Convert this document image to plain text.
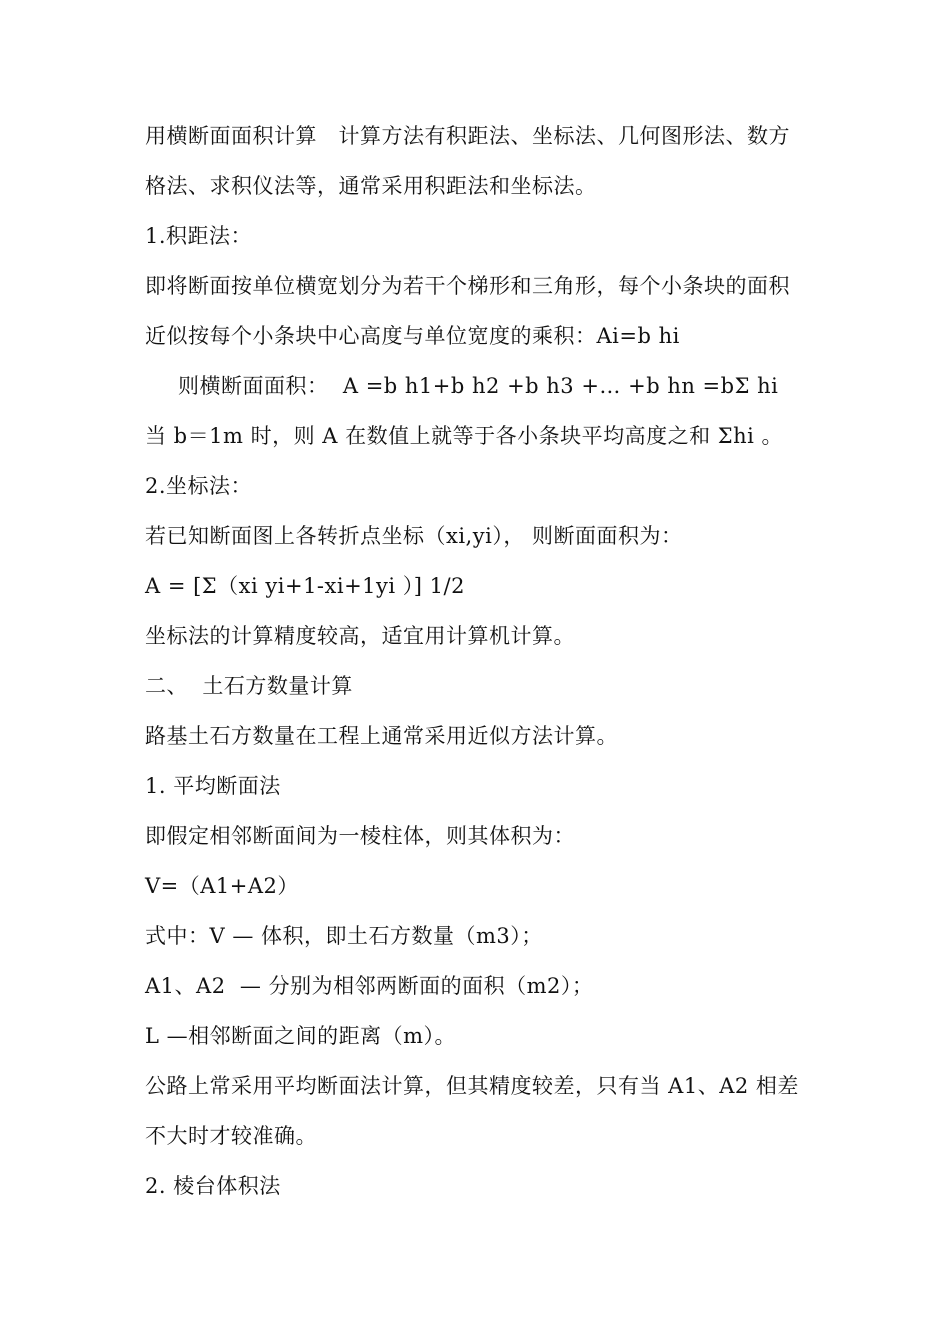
用横断面面积计算   计算方法有积距法、坐标法、几何图形法、数方
格法、求积仪法等，通常采用积距法和坐标法。
1.积距法：
即将断面按单位横宽划分为若干个梯形和三角形，每个小条块的面积
近似按每个小条块中心高度与单位宽度的乘积：Ai=b hi
则横断面面积：  A =b h1+b h2 +b h3 +… +b hn =bΣ hi
当 b＝1m 时，则 A 在数值上就等于各小条块平均高度之和 Σhi 。
2.坐标法：
若已知断面图上各转折点坐标（xi,yi）， 则断面面积为：
A = [Σ（xi yi+1-xi+1yi ）] 1/2
坐标法的计算精度较高，适宜用计算机计算。
二、  土石方数量计算
路基土石方数量在工程上通常采用近似方法计算。
1. 平均断面法
即假定相邻断面间为一棱柱体，则其体积为：
V=（A1+A2）
式中：V — 体积，即土石方数量（m3）；
A1、A2  — 分别为相邻两断面的面积（m2）；
L —相邻断面之间的距离（m）。
公路上常采用平均断面法计算，但其精度较差，只有当 A1、A2 相差
不大时才较准确。
2. 棱台体积法
